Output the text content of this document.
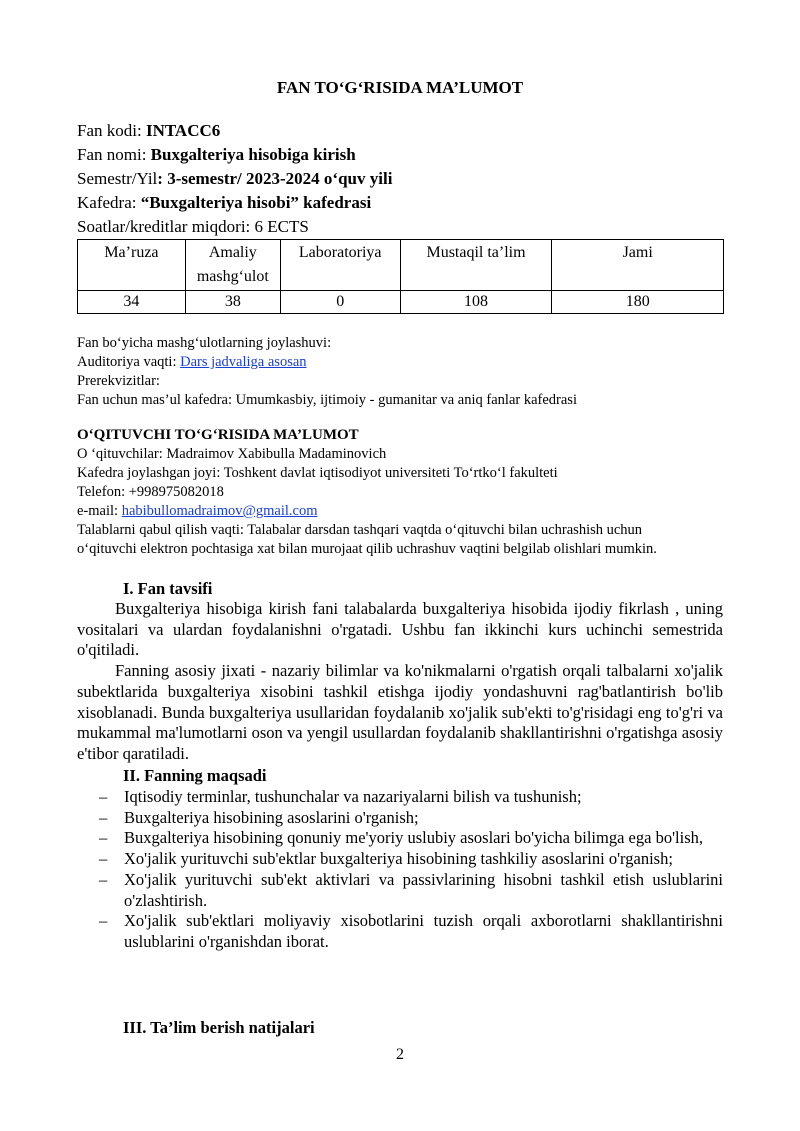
FAN TO‘G‘RISIDA MA’LUMOT
Fan kodi: INTACC6
Fan nomi: Buxgalteriya hisobiga kirish
Semestr/Yil: 3-semestr/ 2023-2024 o‘quv yili
Kafedra: “Buxgalteriya hisobi” kafedrasi
Soatlar/kreditlar miqdori: 6 ECTS
Ma’ruza	Amaliy mashg‘ulot	Laboratoriya	Mustaqil ta’lim	Jami
34	38	0	108	180
Fan bo‘yicha mashg‘ulotlarning joylashuvi:
Auditoriya vaqti: Dars jadvaliga asosan
Prerekvizitlar:
Fan uchun mas’ul kafedra: Umumkasbiy, ijtimoiy - gumanitar va aniq fanlar kafedrasi
O‘QITUVCHI TO‘G‘RISIDA MA’LUMOT
O ‘qituvchilar: Madraimov Xabibulla Madaminovich
Kafedra joylashgan joyi: Toshkent davlat iqtisodiyot universiteti To‘rtko‘l fakulteti
Telefon: +998975082018
e-mail: habibullomadraimov@gmail.com
Talablarni qabul qilish vaqti: Talabalar darsdan tashqari vaqtda o‘qituvchi bilan uchrashish uchun
o‘qituvchi elektron pochtasiga xat bilan murojaat qilib uchrashuv vaqtini belgilab olishlari mumkin.
I. Fan tavsifi

Buxgalteriya hisobiga kirish fani talabalarda buxgalteriya hisobida ijodiy fikrlash , uning vositalari va ulardan foydalanishni o'rgatadi. Ushbu fan ikkinchi kurs uchinchi semestrida o'qitiladi.

Fanning asosiy jixati - nazariy bilimlar va ko'nikmalarni o'rgatish orqali talbalarni xo'jalik subektlarida buxgalteriya xisobini tashkil etishga ijodiy yondashuvni rag'batlantirish bo'lib xisoblanadi. Bunda buxgalteriya usullaridan foydalanib xo'jalik sub'ekti to'g'risidagi eng to'g'ri va mukammal ma'lumotlarni oson va yengil usullardan foydalanib shakllantirishni o'rgatishga asosiy e'tibor qaratiladi.

II. Fanning maqsadi
– Iqtisodiy terminlar, tushunchalar va nazariyalarni bilish va tushunish;
– Buxgalteriya hisobining asoslarini o'rganish;
– Buxgalteriya hisobining qonuniy me'yoriy uslubiy asoslari bo'yicha bilimga ega bo'lish,
– Xo'jalik yurituvchi sub'ektlar buxgalteriya hisobining tashkiliy asoslarini o'rganish;
– Xo'jalik yurituvchi sub'ekt aktivlari va passivlarining hisobni tashkil etish uslublarini o'zlashtirish.
– Xo'jalik sub'ektlari moliyaviy xisobotlarini tuzish orqali axborotlarni shakllantirishni uslublarini o'rganishdan iborat.
III. Ta’lim berish natijalari
2
